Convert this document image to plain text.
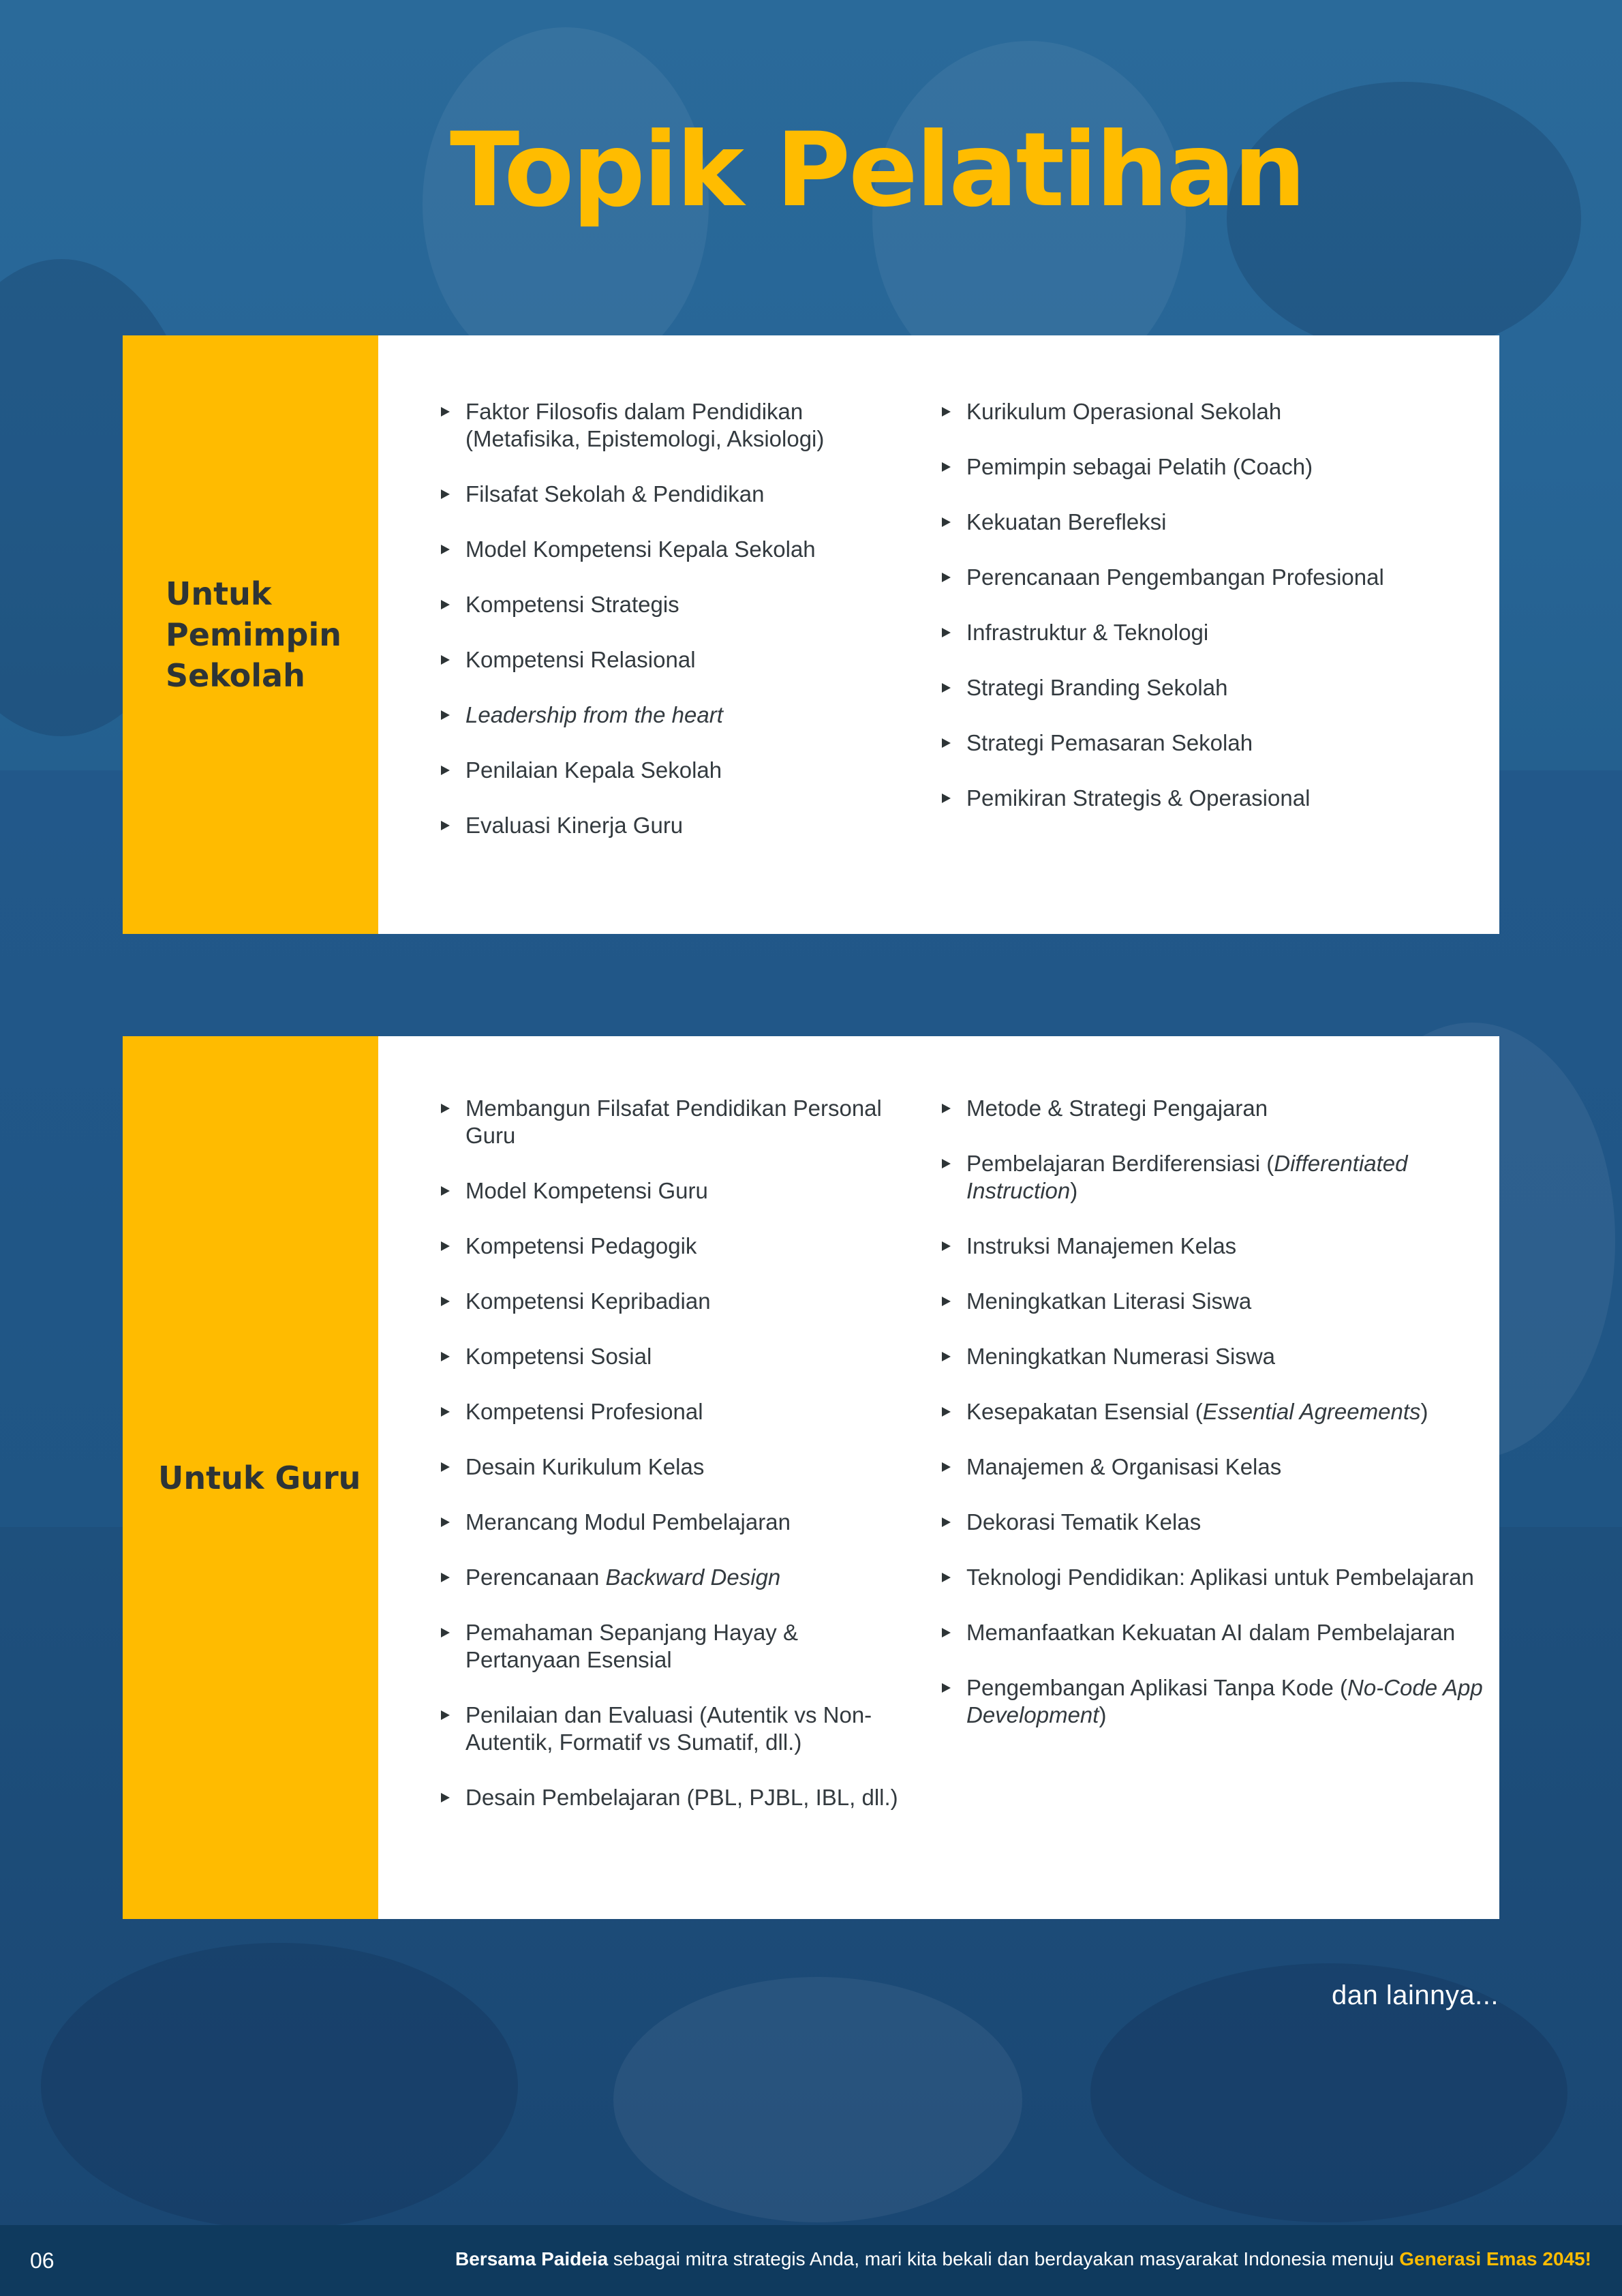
Topik Pelatihan
Untuk Pemimpin Sekolah
Faktor Filosofis dalam Pendidikan (Metafisika, Epistemologi, Aksiologi)
Filsafat Sekolah & Pendidikan
Model Kompetensi Kepala Sekolah
Kompetensi Strategis
Kompetensi Relasional
Leadership from the heart
Penilaian Kepala Sekolah
Evaluasi Kinerja Guru
Kurikulum Operasional Sekolah
Pemimpin sebagai Pelatih (Coach)
Kekuatan Berefleksi
Perencanaan Pengembangan Profesional
Infrastruktur & Teknologi
Strategi Branding Sekolah
Strategi Pemasaran Sekolah
Pemikiran Strategis & Operasional
Untuk Guru
Membangun Filsafat Pendidikan Personal Guru
Model Kompetensi Guru
Kompetensi Pedagogik
Kompetensi Kepribadian
Kompetensi Sosial
Kompetensi Profesional
Desain Kurikulum Kelas
Merancang Modul Pembelajaran
Perencanaan Backward Design
Pemahaman Sepanjang Hayay & Pertanyaan Esensial
Penilaian dan Evaluasi (Autentik vs Non-Autentik, Formatif vs Sumatif, dll.)
Desain Pembelajaran (PBL, PJBL, IBL, dll.)
Metode & Strategi Pengajaran
Pembelajaran Berdiferensiasi (Differentiated Instruction)
Instruksi Manajemen Kelas
Meningkatkan Literasi Siswa
Meningkatkan Numerasi Siswa
Kesepakatan Esensial (Essential Agreements)
Manajemen & Organisasi Kelas
Dekorasi Tematik Kelas
Teknologi Pendidikan: Aplikasi untuk Pembelajaran
Memanfaatkan Kekuatan AI dalam Pembelajaran
Pengembangan Aplikasi Tanpa Kode (No-Code App Development)
dan lainnya...
06	Bersama Paideia sebagai mitra strategis Anda, mari kita bekali dan berdayakan masyarakat Indonesia menuju Generasi Emas 2045!
